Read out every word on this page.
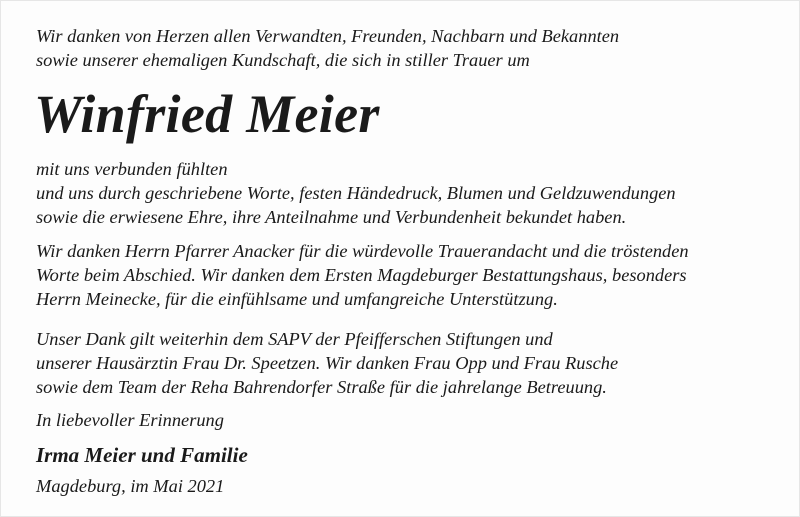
Wir danken von Herzen allen Verwandten, Freunden, Nachbarn und Bekannten
sowie unserer ehemaligen Kundschaft, die sich in stiller Trauer um
Winfried Meier
mit uns verbunden fühlten
und uns durch geschriebene Worte, festen Händedruck, Blumen und Geldzuwendungen
sowie die erwiesene Ehre, ihre Anteilnahme und Verbundenheit bekundet haben.
Wir danken Herrn Pfarrer Anacker für die würdevolle Trauerandacht und die tröstenden
Worte beim Abschied. Wir danken dem Ersten Magdeburger Bestattungshaus, besonders
Herrn Meinecke, für die einfühlsame und umfangreiche Unterstützung.
Unser Dank gilt weiterhin dem SAPV der Pfeifferschen Stiftungen und
unserer Hausärztin Frau Dr. Speetzen. Wir danken Frau Opp und Frau Rusche
sowie dem Team der Reha Bahrendorfer Straße für die jahrelange Betreuung.
In liebevoller Erinnerung
Irma Meier und Familie
Magdeburg, im Mai 2021
